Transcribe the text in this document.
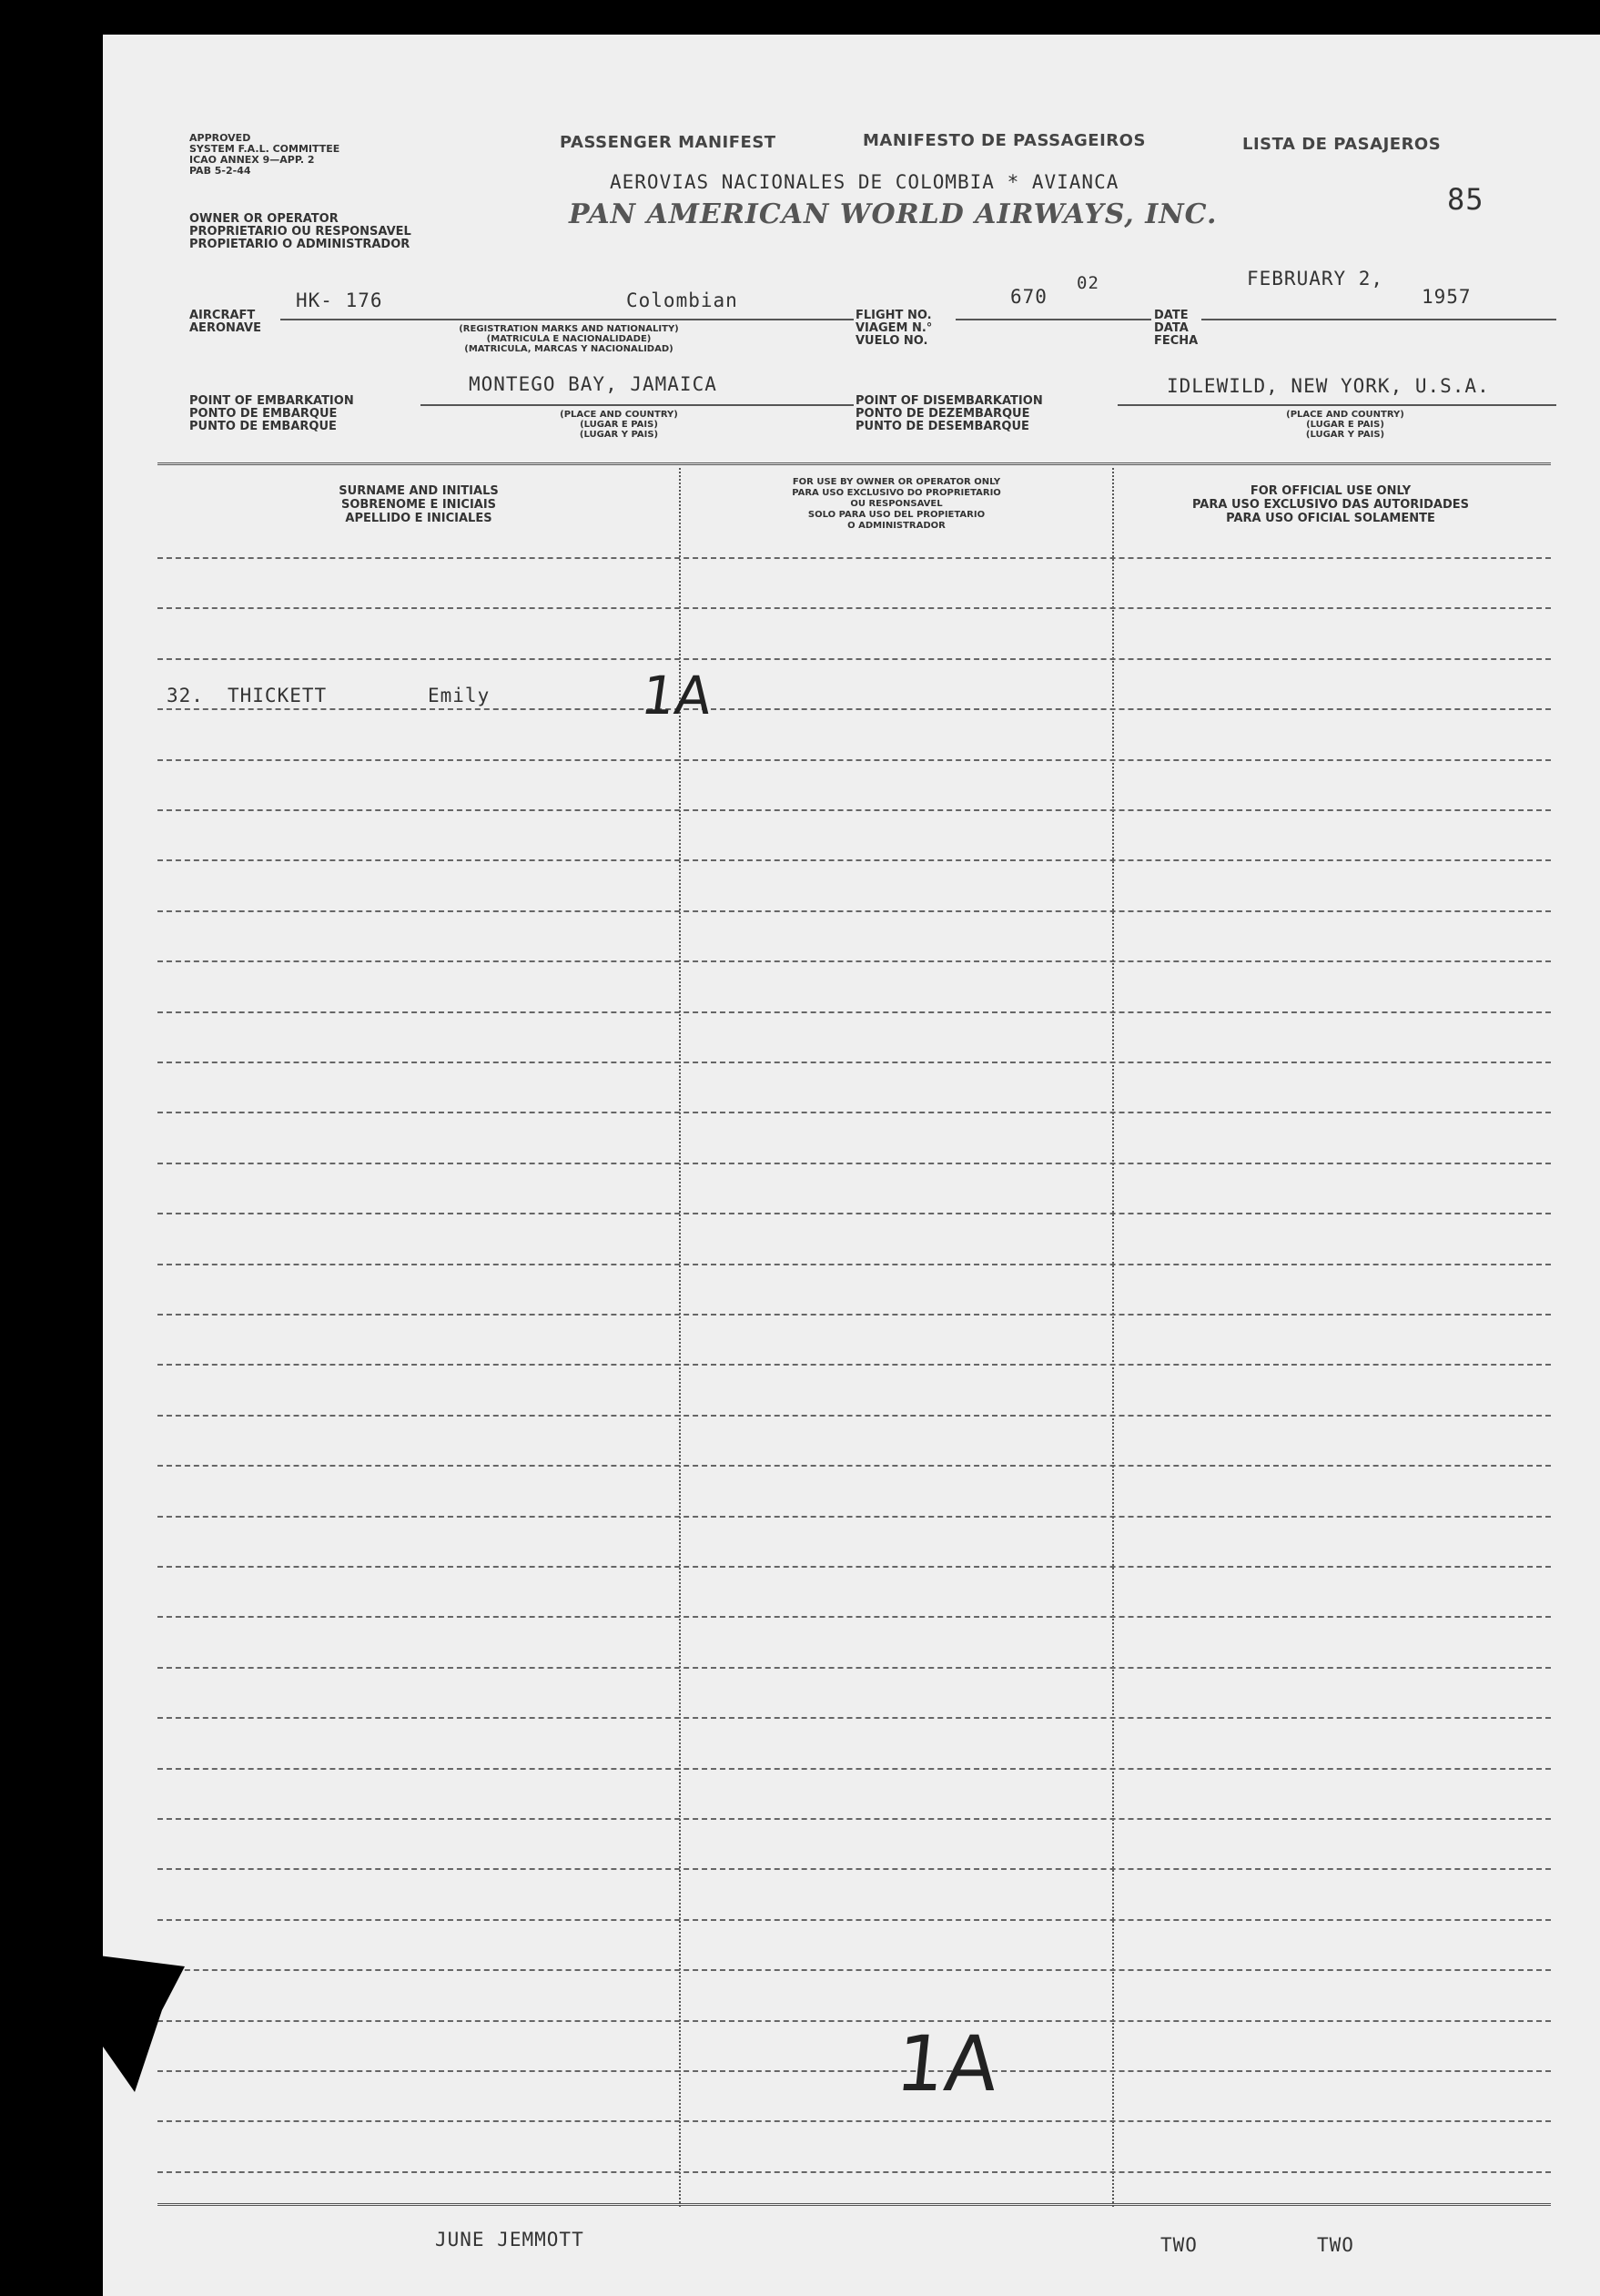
APPROVED
SYSTEM F.A.L. COMMITTEE
ICAO ANNEX 9—APP. 2
PAB 5-2-44
OWNER OR OPERATOR
PROPRIETARIO OU RESPONSAVEL
PROPIETARIO O ADMINISTRADOR
PASSENGER MANIFEST	MANIFESTO DE PASSAGEIROS	LISTA DE PASAJEROS
AEROVIAS NACIONALES DE COLOMBIA * AVIANCA
PAN AMERICAN WORLD AIRWAYS, INC.	85
AIRCRAFT
AERONAVE
HK- 176	Colombian
(REGISTRATION MARKS AND NATIONALITY)
(MATRICULA E NACIONALIDADE)
(MATRICULA, MARCAS Y NACIONALIDAD)
FLIGHT NO.
VIAGEM N.°
VUELO NO.
670
02
DATE
DATA
FECHA
FEBRUARY 2,
1957
POINT OF EMBARKATION
PONTO DE EMBARQUE
PUNTO DE EMBARQUE
MONTEGO BAY, JAMAICA
(PLACE AND COUNTRY)
(LUGAR E PAIS)
(LUGAR Y PAIS)
POINT OF DISEMBARKATION
PONTO DE DEZEMBARQUE
PUNTO DE DESEMBARQUE
IDLEWILD, NEW YORK, U.S.A.
(PLACE AND COUNTRY)
(LUGAR E PAIS)
(LUGAR Y PAIS)
SURNAME AND INITIALS
SOBRENOME E INICIAIS
APELLIDO E INICIALES
FOR USE BY OWNER OR OPERATOR ONLY
PARA USO EXCLUSIVO DO PROPRIETARIO
OU RESPONSAVEL
SOLO PARA USO DEL PROPIETARIO
O ADMINISTRADOR
FOR OFFICIAL USE ONLY
PARA USO EXCLUSIVO DAS AUTORIDADES
PARA USO OFICIAL SOLAMENTE
32. THICKETT	Emily	1A
1A
JUNE JEMMOTT	TWO	TWO
